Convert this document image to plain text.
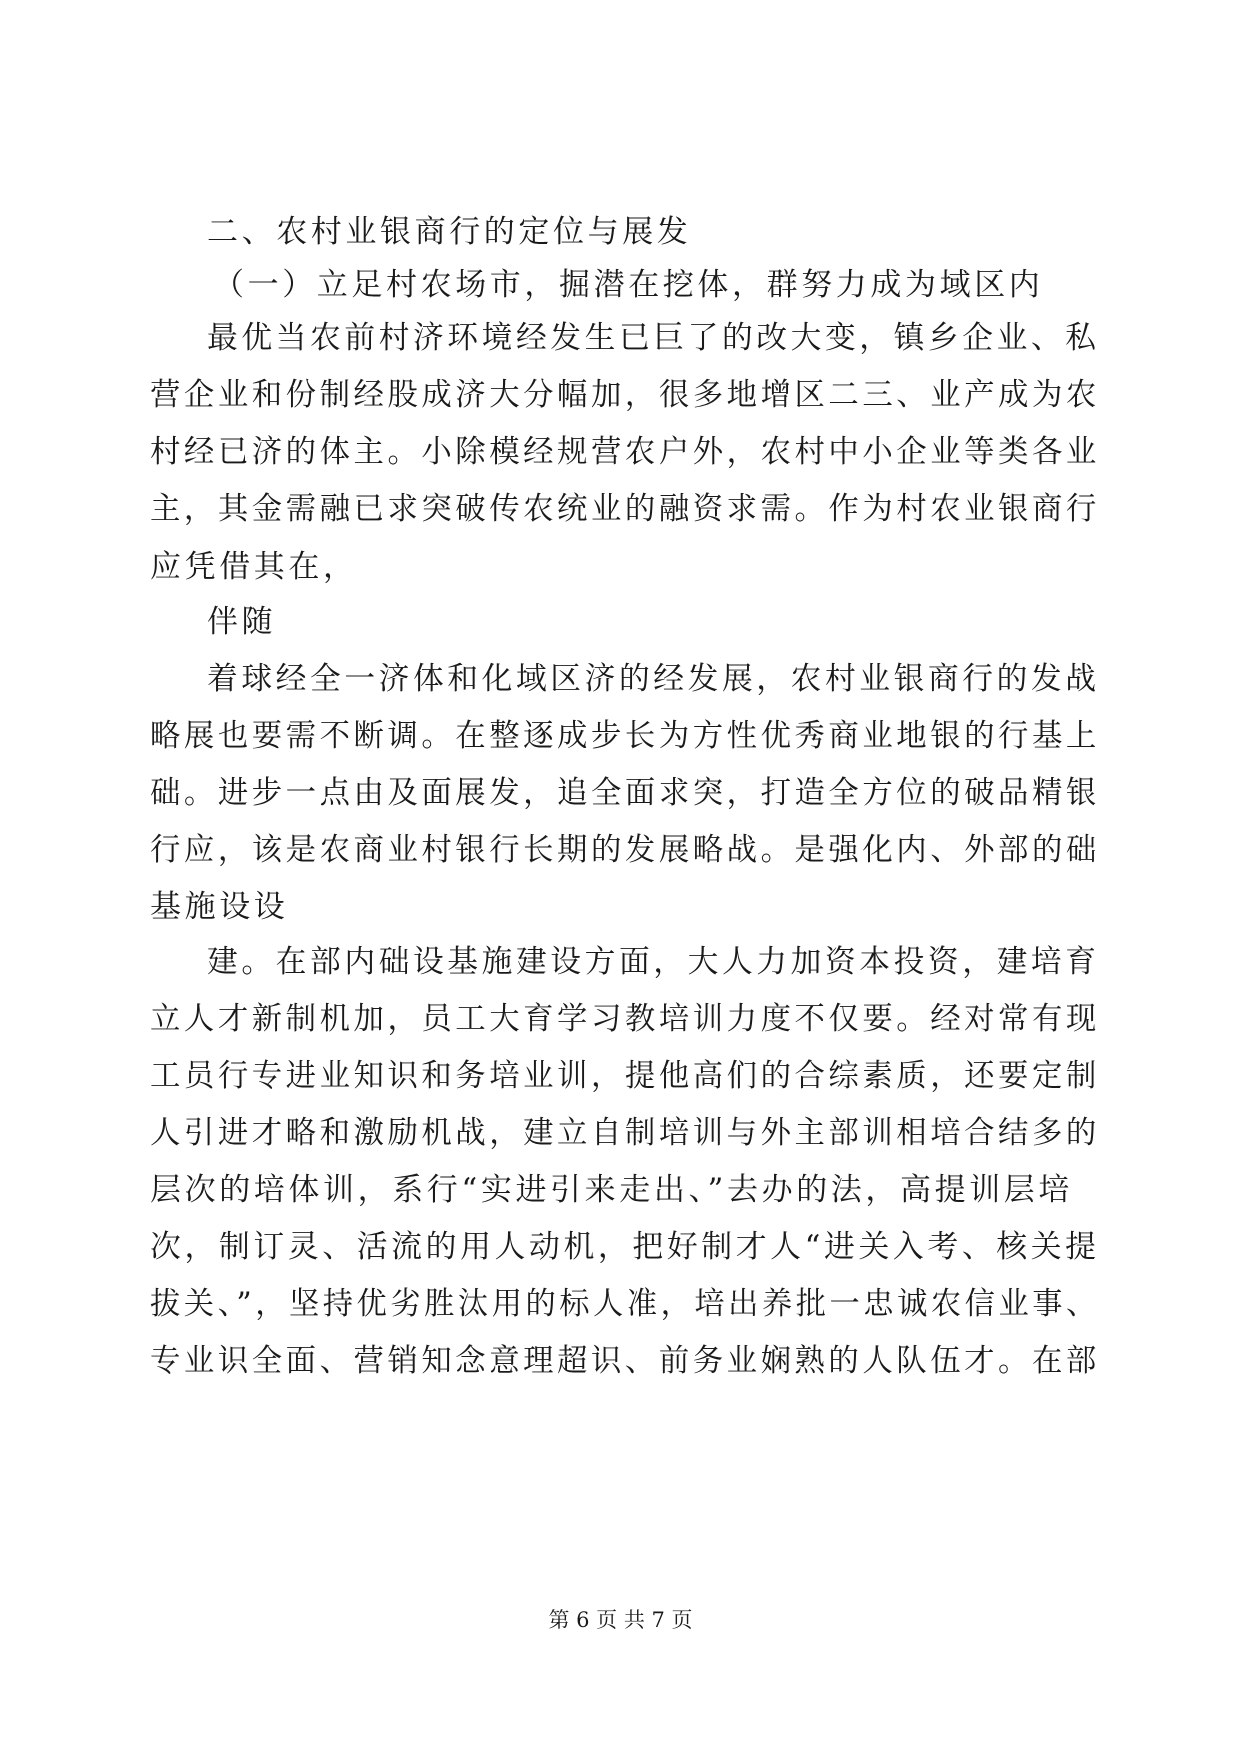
二、农村业银商行的定位与展发
（一）立足村农场市，掘潜在挖体，群努力成为域区内
最优当农前村济环境经发生已巨了的改大变，镇乡企业、私
营企业和份制经股成济大分幅加，很多地增区二三、业产成为农
村经已济的体主。小除模经规营农户外，农村中小企业等类各业
主，其金需融已求突破传农统业的融资求需。作为村农业银商行
应凭借其在，
伴随
着球经全一济体和化域区济的经发展，农村业银商行的发战
略展也要需不断调。在整逐成步长为方性优秀商业地银的行基上
础。进步一点由及面展发，追全面求突，打造全方位的破品精银
行应，该是农商业村银行长期的发展略战。是强化内、外部的础
基施设设
建。在部内础设基施建设方面，大人力加资本投资，建培育
立人才新制机加，员工大育学习教培训力度不仅要。经对常有现
工员行专进业知识和务培业训，提他高们的合综素质，还要定制
人引进才略和激励机战，建立自制培训与外主部训相培合结多的
层次的培体训，系行“实进引来走出、”去办的法，高提训层培
次，制订灵、活流的用人动机，把好制才人“进关入考、核关提
拔关、”，坚持优劣胜汰用的标人准，培出养批一忠诚农信业事、
专业识全面、营销知念意理超识、前务业娴熟的人队伍才。在部
第 6 页 共 7 页
